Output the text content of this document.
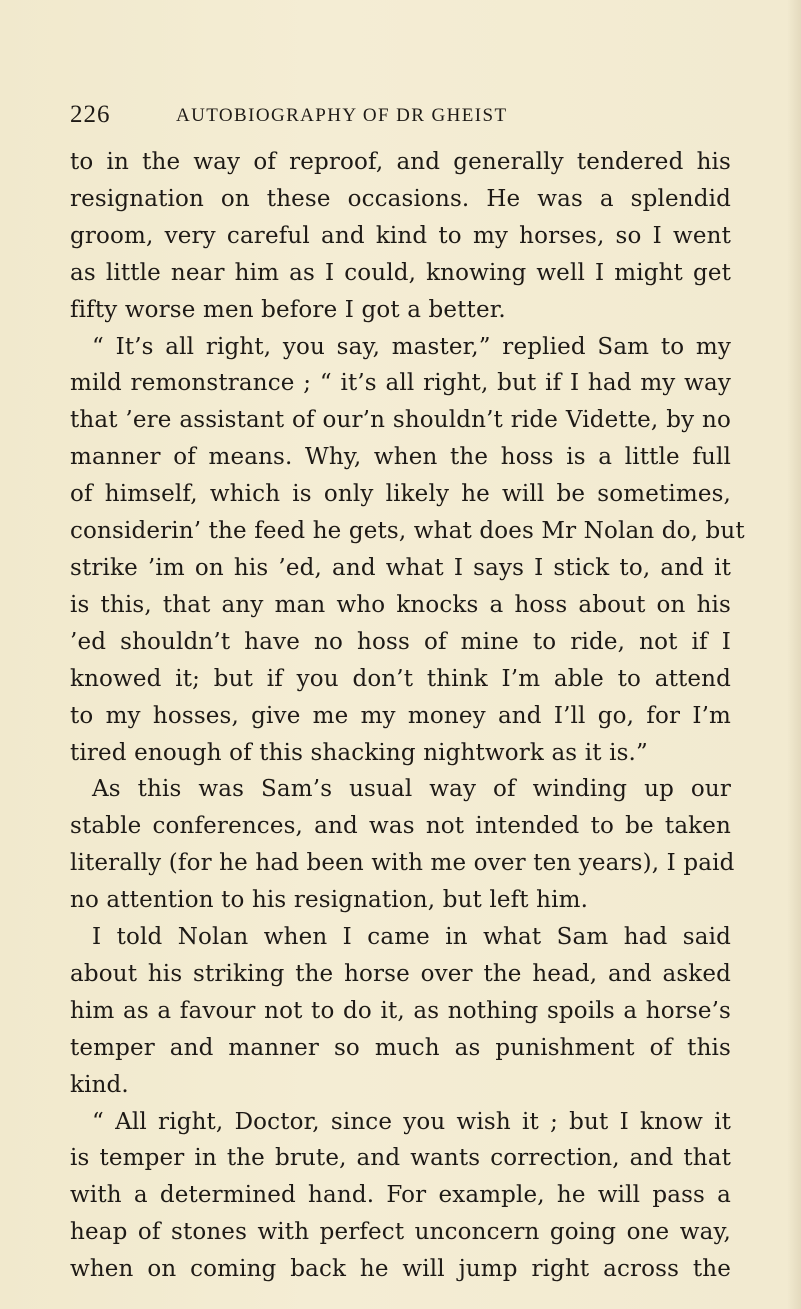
226	AUTOBIOGRAPHY OF DR GHEIST
to in the way of reproof, and generally tendered his
resignation on these occasions. He was a splendid
groom, very careful and kind to my horses, so I went
as little near him as I could, knowing well I might get
fifty worse men before I got a better.
“ It’s all right, you say, master,” replied Sam to my
mild remonstrance ; “ it’s all right, but if I had my way
that ’ere assistant of our’n shouldn’t ride Vidette, by no
manner of means. Why, when the hoss is a little full
of himself, which is only likely he will be sometimes,
considerin’ the feed he gets, what does Mr Nolan do, but
strike ’im on his ’ed, and what I says I stick to, and it
is this, that any man who knocks a hoss about on his
’ed shouldn’t have no hoss of mine to ride, not if I
knowed it; but if you don’t think I’m able to attend
to my hosses, give me my money and I’ll go, for I’m
tired enough of this shacking nightwork as it is.”
As this was Sam’s usual way of winding up our
stable conferences, and was not intended to be taken
literally (for he had been with me over ten years), I paid
no attention to his resignation, but left him.
I told Nolan when I came in what Sam had said
about his striking the horse over the head, and asked
him as a favour not to do it, as nothing spoils a horse’s
temper and manner so much as punishment of this
kind.
“ All right, Doctor, since you wish it ; but I know it
is temper in the brute, and wants correction, and that
with a determined hand. For example, he will pass a
heap of stones with perfect unconcern going one way,
when on coming back he will jump right across the
